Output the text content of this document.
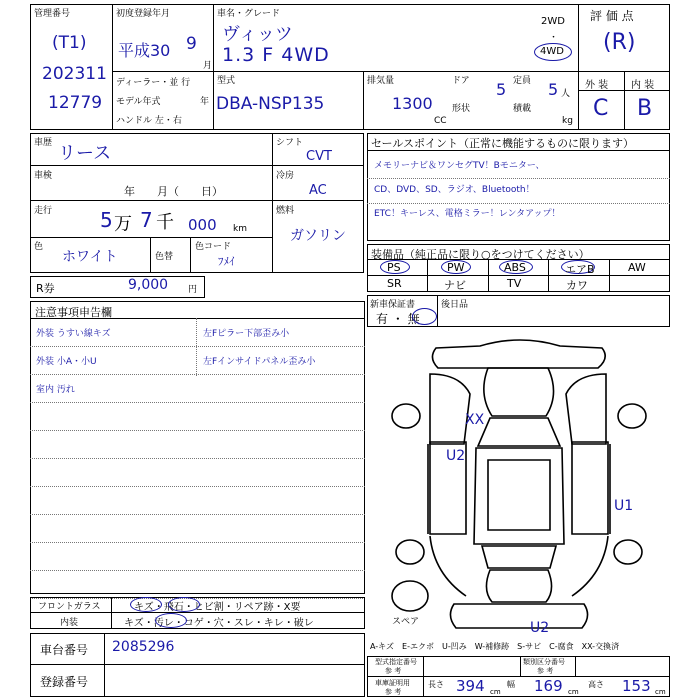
管理番号
(T1)
202311
12779
初度登録年月
平成30 9
月
ディーラー・並 行
モデル年式	年
ハンドル 左・右
車名・グレード
ヴィッツ
1.3 F 4WD
2WD
・
4WD
型式
DBA-NSP135
排気量
1300
CC
ドア 5 定員 5 人
形状	積載
kg
評 価 点
(R)
外 装 内 装
C B
車歴 リース
車検
年　　月（　　日）
走行 5 万 7 千 000 km
色
ホワイト	色替
色コード
ﾌﾒｲ
シフト
CVT
冷房
AC
燃料
ガソリン
R券	9,000 円
セールスポイント（正常に機能するものに限ります）
メモリーナビ＆ワンセグTV！Bモニター、
CD、DVD、SD、ラジオ、Bluetooth！
ETC！キーレス、電格ミラー！レンタアップ！
装備品（純正品に限り○をつけてください）
PS	PW	ABS	エアB	AW
SR	ナビ	TV	カワ
新車保証書
有 ・ 無
後日品
注意事項申告欄
外装 うすい線キズ	左Fピラー下部歪み小
外装 小A・小U	左Fインサイドパネル歪み小
室内 汚れ
フロントガラス	キズ・飛石・ヒビ割・リペア跡・X要
内装	キズ・汚レ・コゲ・穴・スレ・キレ・破レ
車台番号 2085296
登録番号
A-キズ　E-エクボ　U-凹み　W-補修跡　S-サビ　C-腐食　XX-交換済
型式指定番号
参 考
類別区分番号
参 考
車庫証明用
参 考
長さ 394 cm
幅 169 cm
高さ 153 cm
XX
U2
U1
U2
スペア
